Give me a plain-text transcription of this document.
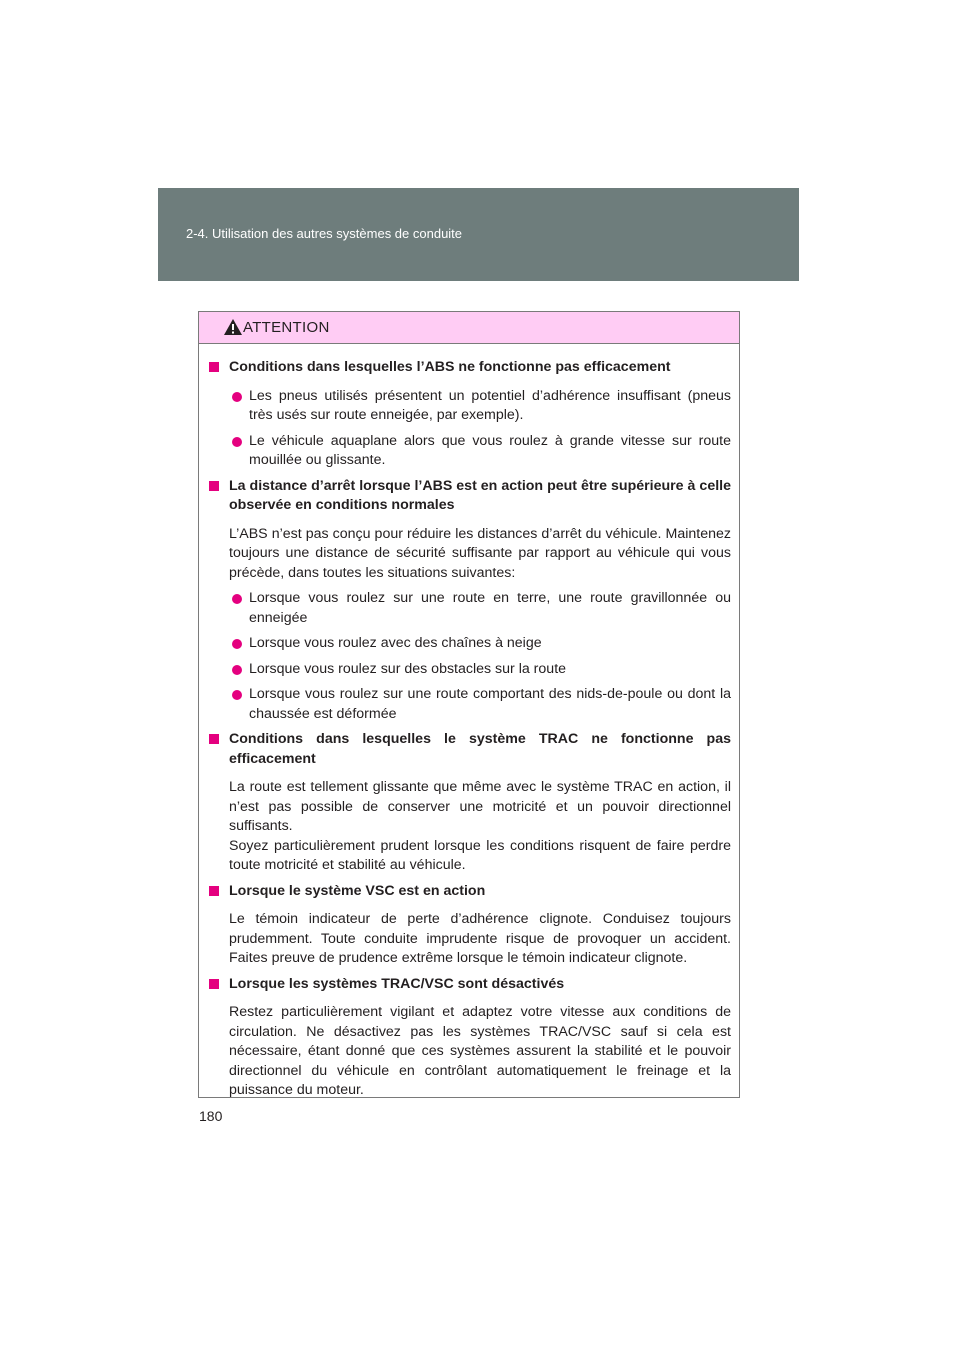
2-4. Utilisation des autres systèmes de conduite
ATTENTION
Conditions dans lesquelles l’ABS ne fonctionne pas efficacement
Les pneus utilisés présentent un potentiel d’adhérence insuffisant (pneus très usés sur route enneigée, par exemple).
Le véhicule aquaplane alors que vous roulez à grande vitesse sur route mouillée ou glissante.
La distance d’arrêt lorsque l’ABS est en action peut être supérieure à celle observée en conditions normales
L’ABS n’est pas conçu pour réduire les distances d’arrêt du véhicule. Maintenez toujours une distance de sécurité suffisante par rapport au véhicule qui vous précède, dans toutes les situations suivantes:
Lorsque vous roulez sur une route en terre, une route gravillonnée ou enneigée
Lorsque vous roulez avec des chaînes à neige
Lorsque vous roulez sur des obstacles sur la route
Lorsque vous roulez sur une route comportant des nids-de-poule ou dont la chaussée est déformée
Conditions dans lesquelles le système TRAC ne fonctionne pas efficacement
La route est tellement glissante que même avec le système TRAC en action, il n’est pas possible de conserver une motricité et un pouvoir directionnel suffisants.
Soyez particulièrement prudent lorsque les conditions risquent de faire perdre toute motricité et stabilité au véhicule.
Lorsque le système VSC est en action
Le témoin indicateur de perte d’adhérence clignote. Conduisez toujours prudemment. Toute conduite imprudente risque de provoquer un accident. Faites preuve de prudence extrême lorsque le témoin indicateur clignote.
Lorsque les systèmes TRAC/VSC sont désactivés
Restez particulièrement vigilant et adaptez votre vitesse aux conditions de circulation. Ne désactivez pas les systèmes TRAC/VSC sauf si cela est nécessaire, étant donné que ces systèmes assurent la stabilité et le pouvoir directionnel du véhicule en contrôlant automatiquement le freinage et la puissance du moteur.
180
